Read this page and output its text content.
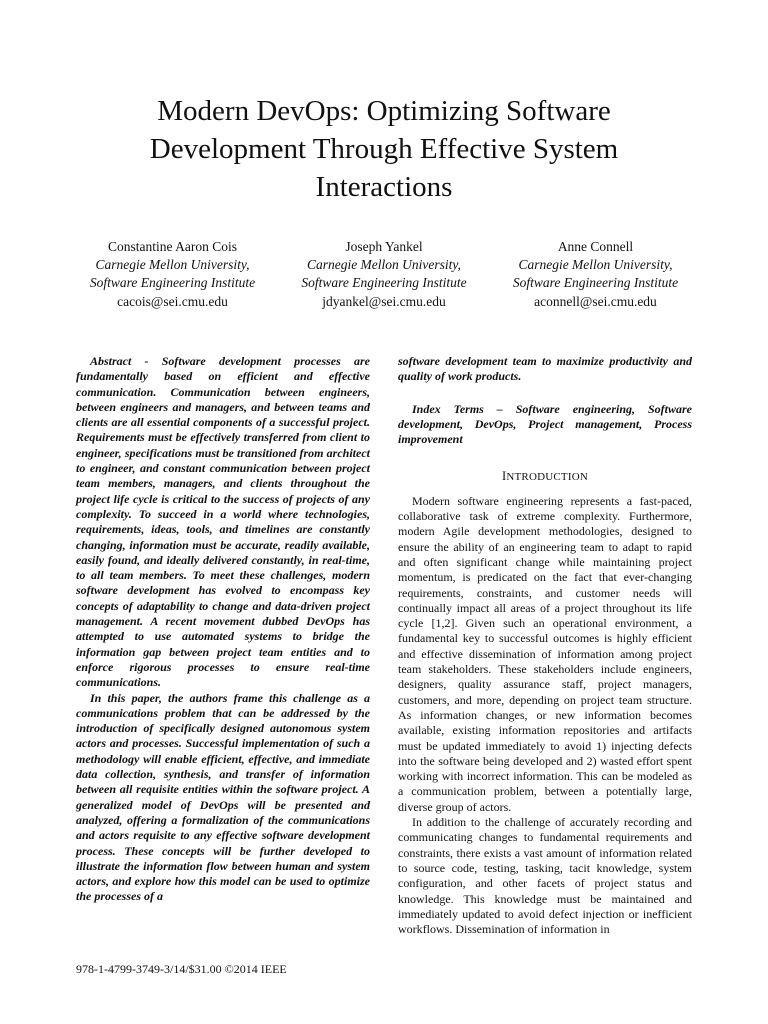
Modern DevOps: Optimizing Software
Development Through Effective System
Interactions
Constantine Aaron Cois
Carnegie Mellon University,
Software Engineering Institute
cacois@sei.cmu.edu
Joseph Yankel
Carnegie Mellon University,
Software Engineering Institute
jdyankel@sei.cmu.edu
Anne Connell
Carnegie Mellon University,
Software Engineering Institute
aconnell@sei.cmu.edu

Abstract - Software development processes are fundamentally based on efficient and effective communication. Communication between engineers, between engineers and managers, and between teams and clients are all essential components of a successful project. Requirements must be effectively transferred from client to engineer, specifications must be transitioned from architect to engineer, and constant communication between project team members, managers, and clients throughout the project life cycle is critical to the success of projects of any complexity. To succeed in a world where technologies, requirements, ideas, tools, and timelines are constantly changing, information must be accurate, readily available, easily found, and ideally delivered constantly, in real-time, to all team members. To meet these challenges, modern software development has evolved to encompass key concepts of adaptability to change and data-driven project management. A recent movement dubbed DevOps has attempted to use automated systems to bridge the information gap between project team entities and to enforce rigorous processes to ensure real-time communications.

In this paper, the authors frame this challenge as a communications problem that can be addressed by the introduction of specifically designed autonomous system actors and processes. Successful implementation of such a methodology will enable efficient, effective, and immediate data collection, synthesis, and transfer of information between all requisite entities within the software project. A generalized model of DevOps will be presented and analyzed, offering a formalization of the communications and actors requisite to any effective software development process. These concepts will be further developed to illustrate the information flow between human and system actors, and explore how this model can be used to optimize the processes of a

software development team to maximize productivity and quality of work products.

Index Terms – Software engineering, Software development, DevOps, Project management, Process improvement

INTRODUCTION

Modern software engineering represents a fast-paced, collaborative task of extreme complexity. Furthermore, modern Agile development methodologies, designed to ensure the ability of an engineering team to adapt to rapid and often significant change while maintaining project momentum, is predicated on the fact that ever-changing requirements, constraints, and customer needs will continually impact all areas of a project throughout its life cycle [1,2]. Given such an operational environment, a fundamental key to successful outcomes is highly efficient and effective dissemination of information among project team stakeholders. These stakeholders include engineers, designers, quality assurance staff, project managers, customers, and more, depending on project team structure. As information changes, or new information becomes available, existing information repositories and artifacts must be updated immediately to avoid 1) injecting defects into the software being developed and 2) wasted effort spent working with incorrect information. This can be modeled as a communication problem, between a potentially large, diverse group of actors.

In addition to the challenge of accurately recording and communicating changes to fundamental requirements and constraints, there exists a vast amount of information related to source code, testing, tasking, tacit knowledge, system configuration, and other facets of project status and knowledge. This knowledge must be maintained and immediately updated to avoid defect injection or inefficient workflows. Dissemination of information in

978-1-4799-3749-3/14/$31.00 ©2014 IEEE
